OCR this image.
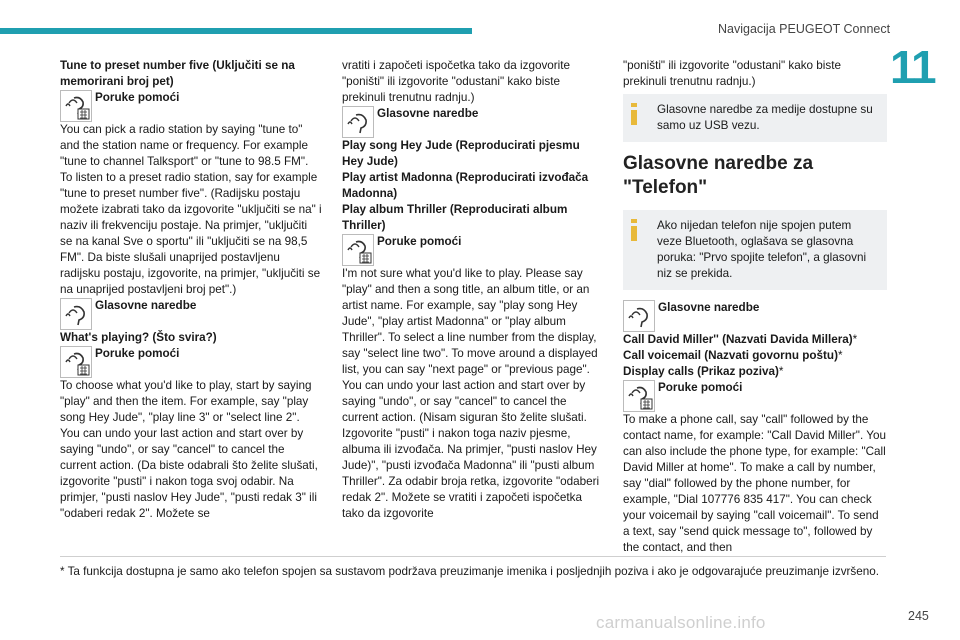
Navigacija PEUGEOT Connect
11

Tune to preset number five (Uključiti se na memorirani broj pet)

Poruke pomoći

You can pick a radio station by saying "tune to" and the station name or frequency. For example "tune to channel Talksport" or "tune to 98.5 FM". To listen to a preset radio station, say for example "tune to preset number five". (Radijsku postaju možete izabrati tako da izgovorite "uključiti se na" i naziv ili frekvenciju postaje. Na primjer, "uključiti se na kanal Sve o sportu" ili "uključiti se na 98,5 FM". Da biste slušali unaprijed postavljenu radijsku postaju, izgovorite, na primjer, "uključiti se na unaprijed postavljeni broj pet".)

Glasovne naredbe

What's playing? (Što svira?)

Poruke pomoći

To choose what you'd like to play, start by saying "play" and then the item. For example, say "play song Hey Jude", "play line 3" or "select line 2". You can undo your last action and start over by saying "undo", or say "cancel" to cancel the current action. (Da biste odabrali što želite slušati, izgovorite "pusti" i nakon toga svoj odabir. Na primjer, "pusti naslov Hey Jude", "pusti redak 3" ili "odaberi redak 2". Možete se

vratiti i započeti ispočetka tako da izgovorite "poništi" ili izgovorite "odustani" kako biste prekinuli trenutnu radnju.)

Glasovne naredbe

Play song Hey Jude (Reproducirati pjesmu Hey Jude)

Play artist Madonna (Reproducirati izvođača Madonna)

Play album Thriller (Reproducirati album Thriller)

Poruke pomoći

I'm not sure what you'd like to play. Please say "play" and then a song title, an album title, or an artist name. For example, say "play song Hey Jude", "play artist Madonna" or "play album Thriller". To select a line number from the display, say "select line two". To move around a displayed list, you can say "next page" or "previous page". You can undo your last action and start over by saying "undo", or say "cancel" to cancel the current action. (Nisam siguran što želite slušati. Izgovorite "pusti" i nakon toga naziv pjesme, albuma ili izvođača. Na primjer, "pusti naslov Hey Jude)", "pusti izvođača Madonna" ili "pusti album Thriller". Za odabir broja retka, izgovorite "odaberi redak 2". Možete se vratiti i započeti ispočetka tako da izgovorite

"poništi" ili izgovorite "odustani" kako biste prekinuli trenutnu radnju.)

Glasovne naredbe za medije dostupne su samo uz USB vezu.
Glasovne naredbe za "Telefon"
Ako nijedan telefon nije spojen putem veze Bluetooth, oglašava se glasovna poruka: "Prvo spojite telefon", a glasovni niz se prekida.
Glasovne naredbe

Call David Miller'' (Nazvati Davida Millera)*

Call voicemail (Nazvati govornu poštu)*

Display calls (Prikaz poziva)*

Poruke pomoći

To make a phone call, say "call" followed by the contact name, for example: "Call David Miller". You can also include the phone type, for example: "Call David Miller at home". To make a call by number, say "dial" followed by the phone number, for example, "Dial 107776 835 417". You can check your voicemail by saying "call voicemail". To send a text, say "send quick message to", followed by the contact, and then

* Ta funkcija dostupna je samo ako telefon spojen sa sustavom podržava preuzimanje imenika i posljednjih poziva i ako je odgovarajuće preuzimanje izvršeno.
carmanualsonline.info	245
